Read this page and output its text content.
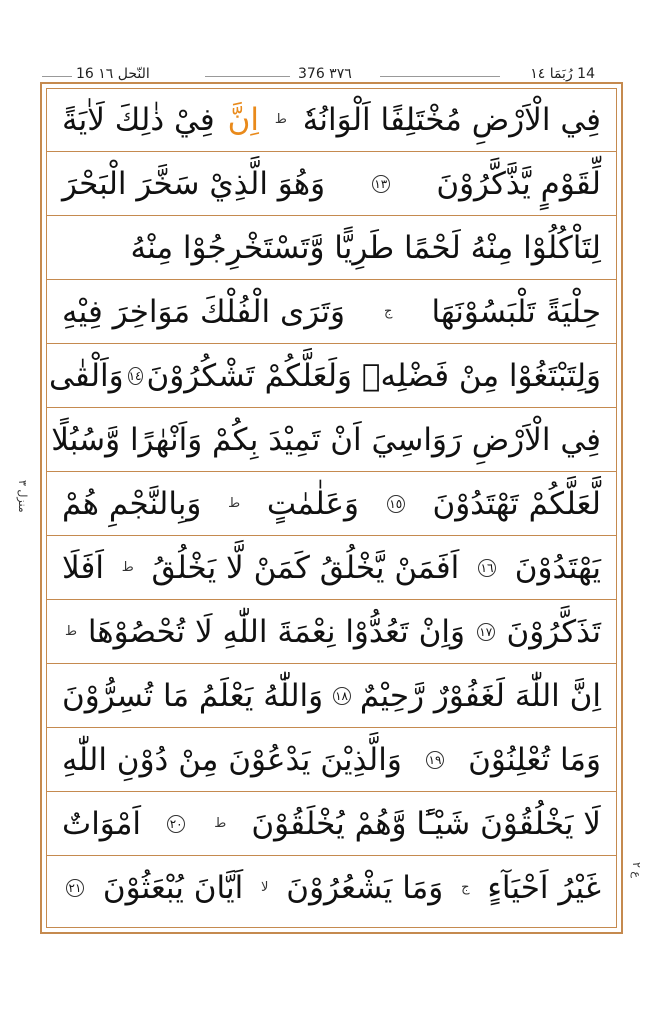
16 النّحل ١٦	376 ٣٧٦	14 رُبَمَا ١٤
منزل ٣
ع ٢
فِي الْاَرْضِ مُخْتَلِفًا اَلْوَانُهٗ
ط
اِنَّ
فِيْ ذٰلِكَ لَاٰيَةً
لِّقَوْمٍ يَّذَّكَّرُوْنَ
١٣
وَهُوَ الَّذِيْ سَخَّرَ الْبَحْرَ
لِتَاْكُلُوْا مِنْهُ لَحْمًا طَرِيًّا وَّتَسْتَخْرِجُوْا مِنْهُ
حِلْيَةً تَلْبَسُوْنَهَا
ج
وَتَرَى الْفُلْكَ مَوَاخِرَ فِيْهِ
وَلِتَبْتَغُوْا مِنْ فَضْلِهٖ وَلَعَلَّكُمْ تَشْكُرُوْنَ
١٤
وَاَلْقٰى
فِي الْاَرْضِ رَوَاسِيَ اَنْ تَمِيْدَ بِكُمْ وَاَنْهٰرًا وَّسُبُلًا
لَّعَلَّكُمْ تَهْتَدُوْنَ
١٥
وَعَلٰمٰتٍ
ط
وَبِالنَّجْمِ هُمْ
يَهْتَدُوْنَ
١٦
اَفَمَنْ يَّخْلُقُ كَمَنْ لَّا يَخْلُقُ
ط
اَفَلَا
تَذَكَّرُوْنَ
١٧
وَاِنْ تَعُدُّوْا نِعْمَةَ اللّٰهِ لَا تُحْصُوْهَا
ط
اِنَّ اللّٰهَ لَغَفُوْرٌ رَّحِيْمٌ
١٨
وَاللّٰهُ يَعْلَمُ مَا تُسِرُّوْنَ
وَمَا تُعْلِنُوْنَ
١٩
وَالَّذِيْنَ يَدْعُوْنَ مِنْ دُوْنِ اللّٰهِ
لَا يَخْلُقُوْنَ شَيْـًٔا وَّهُمْ يُخْلَقُوْنَ
ط
٢٠
اَمْوَاتٌ
غَيْرُ اَحْيَآءٍ
ج
وَمَا يَشْعُرُوْنَ
لا
اَيَّانَ يُبْعَثُوْنَ
٢١
